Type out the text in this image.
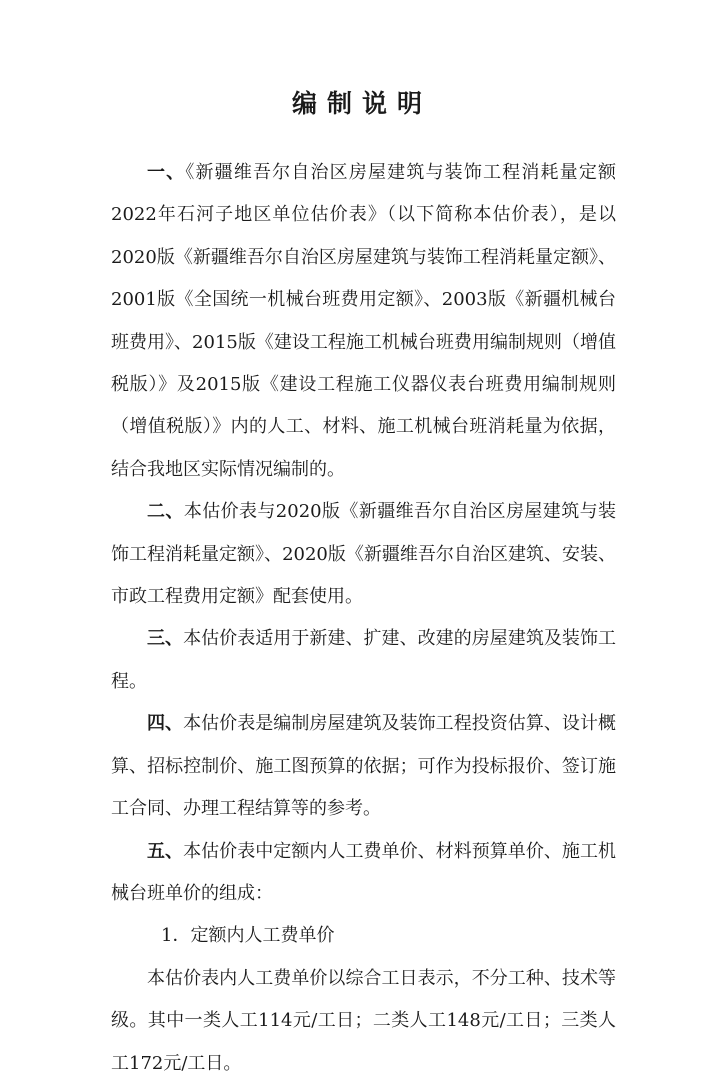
编制说明

一、《新疆维吾尔自治区房屋建筑与装饰工程消耗量定额2022年石河子地区单位估价表》（以下简称本估价表），是以2020版《新疆维吾尔自治区房屋建筑与装饰工程消耗量定额》、2001版《全国统一机械台班费用定额》、2003版《新疆机械台班费用》、2015版《建设工程施工机械台班费用编制规则（增值税版）》及2015版《建设工程施工仪器仪表台班费用编制规则（增值税版）》内的人工、材料、施工机械台班消耗量为依据，结合我地区实际情况编制的。

二、本估价表与2020版《新疆维吾尔自治区房屋建筑与装饰工程消耗量定额》、2020版《新疆维吾尔自治区建筑、安装、市政工程费用定额》配套使用。

三、本估价表适用于新建、扩建、改建的房屋建筑及装饰工程。

四、本估价表是编制房屋建筑及装饰工程投资估算、设计概算、招标控制价、施工图预算的依据；可作为投标报价、签订施工合同、办理工程结算等的参考。

五、本估价表中定额内人工费单价、材料预算单价、施工机械台班单价的组成：

1．定额内人工费单价

本估价表内人工费单价以综合工日表示，不分工种、技术等级。其中一类人工114元/工日；二类人工148元/工日；三类人工172元/工日。
